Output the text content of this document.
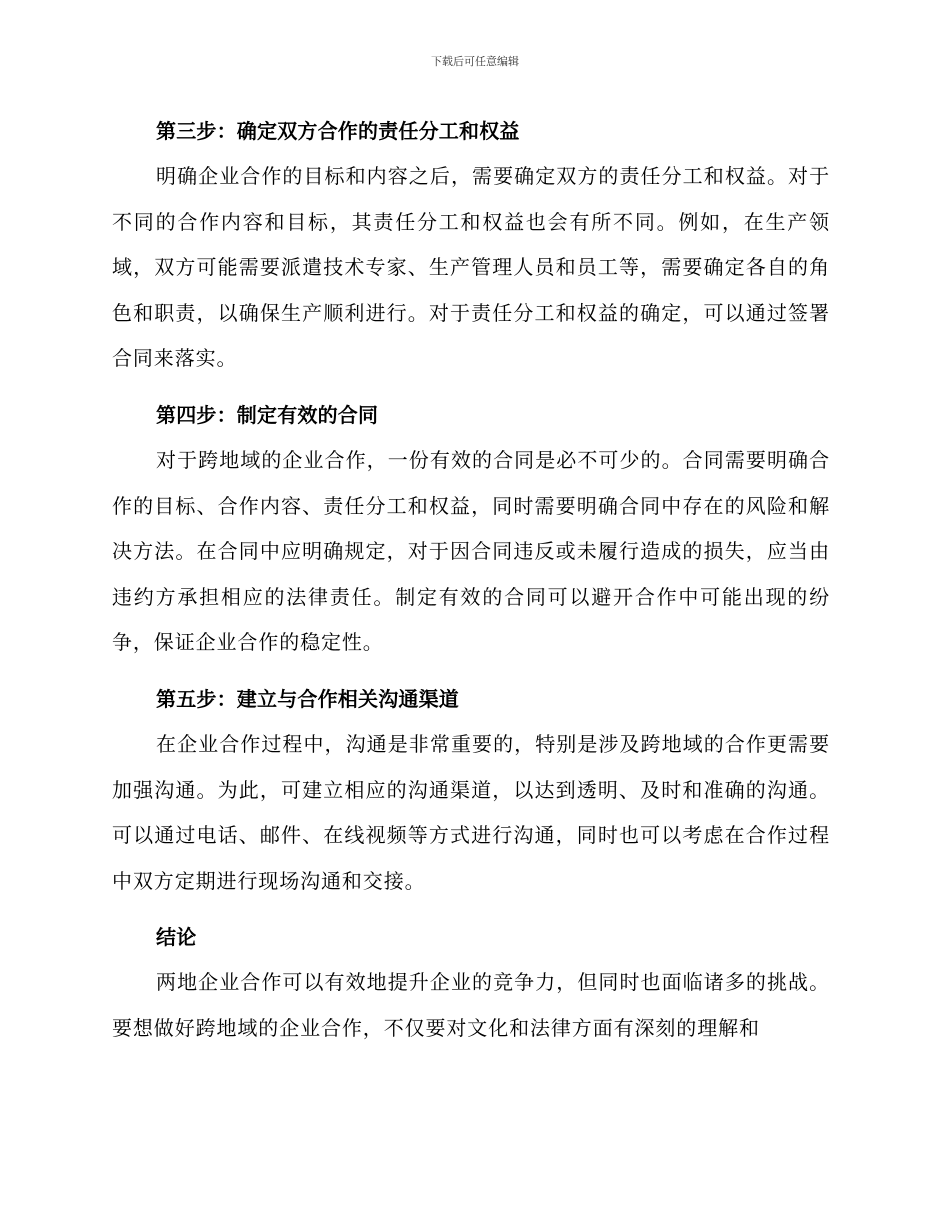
下载后可任意编辑
第三步：确定双方合作的责任分工和权益

明确企业合作的目标和内容之后，需要确定双方的责任分工和权益。对于不同的合作内容和目标，其责任分工和权益也会有所不同。例如，在生产领域，双方可能需要派遣技术专家、生产管理人员和员工等，需要确定各自的角色和职责，以确保生产顺利进行。对于责任分工和权益的确定，可以通过签署合同来落实。

第四步：制定有效的合同

对于跨地域的企业合作，一份有效的合同是必不可少的。合同需要明确合作的目标、合作内容、责任分工和权益，同时需要明确合同中存在的风险和解决方法。在合同中应明确规定，对于因合同违反或未履行造成的损失，应当由违约方承担相应的法律责任。制定有效的合同可以避开合作中可能出现的纷争，保证企业合作的稳定性。

第五步：建立与合作相关沟通渠道

在企业合作过程中，沟通是非常重要的，特别是涉及跨地域的合作更需要加强沟通。为此，可建立相应的沟通渠道，以达到透明、及时和准确的沟通。可以通过电话、邮件、在线视频等方式进行沟通，同时也可以考虑在合作过程中双方定期进行现场沟通和交接。

结论

两地企业合作可以有效地提升企业的竞争力，但同时也面临诸多的挑战。要想做好跨地域的企业合作，不仅要对文化和法律方面有深刻的理解和
